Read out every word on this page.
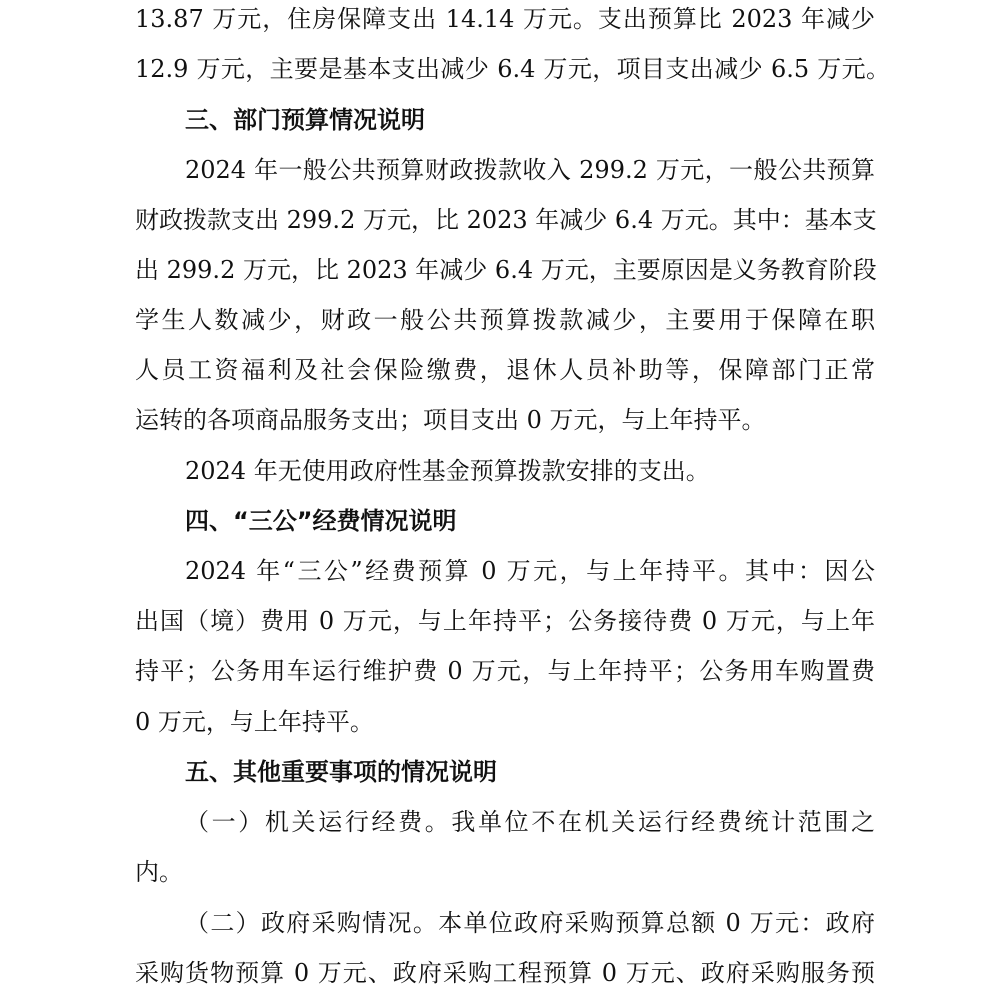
13.87 万元，住房保障支出 14.14 万元。支出预算比 2023 年减少
12.9 万元，主要是基本支出减少 6.4 万元，项目支出减少 6.5 万元。
三、部门预算情况说明
2024 年一般公共预算财政拨款收入 299.2 万元，一般公共预算
财政拨款支出 299.2 万元，比 2023 年减少 6.4 万元。其中：基本支
出 299.2 万元，比 2023 年减少 6.4 万元，主要原因是义务教育阶段
学生人数减少，财政一般公共预算拨款减少，主要用于保障在职
人员工资福利及社会保险缴费，退休人员补助等，保障部门正常
运转的各项商品服务支出；项目支出 0 万元，与上年持平。
2024 年无使用政府性基金预算拨款安排的支出。
四、“三公”经费情况说明
2024 年“三公”经费预算 0 万元，与上年持平。其中：因公
出国（境）费用 0 万元，与上年持平；公务接待费 0 万元，与上年
持平；公务用车运行维护费 0 万元，与上年持平；公务用车购置费
0 万元，与上年持平。
五、其他重要事项的情况说明
（一）机关运行经费。我单位不在机关运行经费统计范围之
内。
（二）政府采购情况。本单位政府采购预算总额 0 万元：政府
采购货物预算 0 万元、政府采购工程预算 0 万元、政府采购服务预
